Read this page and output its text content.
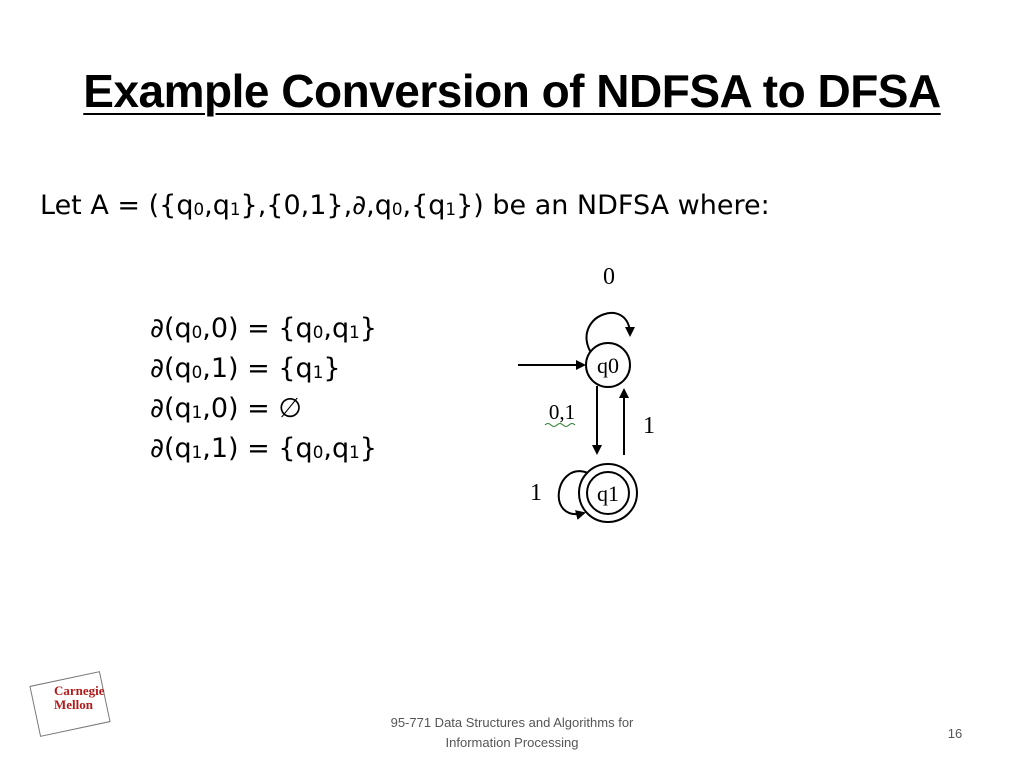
Example Conversion of NDFSA to DFSA
Let $A = (\{q_0,q_1\},\{0,1\},\partial,q_0,\{q_1\})$ be an NDFSA where:
$\partial(q_0,0) = \{q_0,q_1\}$
$\partial(q_0,1) = \{q_1\}$
$\partial(q_1,0)$ = ∅
$\partial(q_1,1) = \{q_0,q_1\}$
q0
0
0,1
1
q1
1
Carnegie
Mellon
95-771 Data Structures and Algorithms for
Information Processing
16
